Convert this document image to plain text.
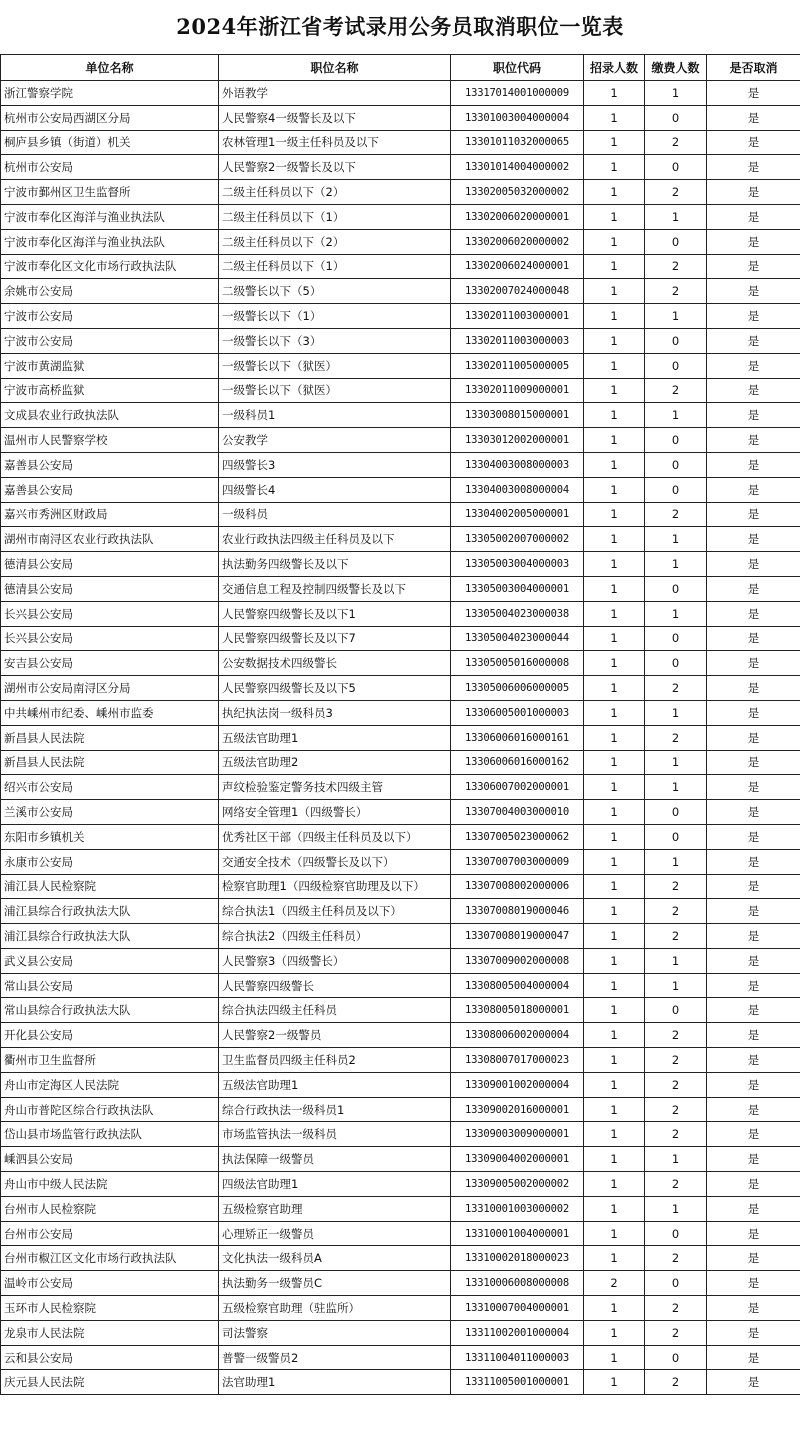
2024年浙江省考试录用公务员取消职位一览表
单位名称	职位名称	职位代码	招录人数	缴费人数	是否取消
浙江警察学院	外语教学	13317014001000009	1	1	是
杭州市公安局西湖区分局	人民警察4一级警长及以下	13301003004000004	1	0	是
桐庐县乡镇（街道）机关	农林管理1一级主任科员及以下	13301011032000065	1	2	是
杭州市公安局	人民警察2一级警长及以下	13301014004000002	1	0	是
宁波市鄞州区卫生监督所	二级主任科员以下（2）	13302005032000002	1	2	是
宁波市奉化区海洋与渔业执法队	二级主任科员以下（1）	13302006020000001	1	1	是
宁波市奉化区海洋与渔业执法队	二级主任科员以下（2）	13302006020000002	1	0	是
宁波市奉化区文化市场行政执法队	二级主任科员以下（1）	13302006024000001	1	2	是
余姚市公安局	二级警长以下（5）	13302007024000048	1	2	是
宁波市公安局	一级警长以下（1）	13302011003000001	1	1	是
宁波市公安局	一级警长以下（3）	13302011003000003	1	0	是
宁波市黄湖监狱	一级警长以下（狱医）	13302011005000005	1	0	是
宁波市高桥监狱	一级警长以下（狱医）	13302011009000001	1	2	是
文成县农业行政执法队	一级科员1	13303008015000001	1	1	是
温州市人民警察学校	公安教学	13303012002000001	1	0	是
嘉善县公安局	四级警长3	13304003008000003	1	0	是
嘉善县公安局	四级警长4	13304003008000004	1	0	是
嘉兴市秀洲区财政局	一级科员	13304002005000001	1	2	是
湖州市南浔区农业行政执法队	农业行政执法四级主任科员及以下	13305002007000002	1	1	是
德清县公安局	执法勤务四级警长及以下	13305003004000003	1	1	是
德清县公安局	交通信息工程及控制四级警长及以下	13305003004000001	1	0	是
长兴县公安局	人民警察四级警长及以下1	13305004023000038	1	1	是
长兴县公安局	人民警察四级警长及以下7	13305004023000044	1	0	是
安吉县公安局	公安数据技术四级警长	13305005016000008	1	0	是
湖州市公安局南浔区分局	人民警察四级警长及以下5	13305006006000005	1	2	是
中共嵊州市纪委、嵊州市监委	执纪执法岗一级科员3	13306005001000003	1	1	是
新昌县人民法院	五级法官助理1	13306006016000161	1	2	是
新昌县人民法院	五级法官助理2	13306006016000162	1	1	是
绍兴市公安局	声纹检验鉴定警务技术四级主管	13306007002000001	1	1	是
兰溪市公安局	网络安全管理1（四级警长）	13307004003000010	1	0	是
东阳市乡镇机关	优秀社区干部（四级主任科员及以下）	13307005023000062	1	0	是
永康市公安局	交通安全技术（四级警长及以下）	13307007003000009	1	1	是
浦江县人民检察院	检察官助理1（四级检察官助理及以下）	13307008002000006	1	2	是
浦江县综合行政执法大队	综合执法1（四级主任科员及以下）	13307008019000046	1	2	是
浦江县综合行政执法大队	综合执法2（四级主任科员）	13307008019000047	1	2	是
武义县公安局	人民警察3（四级警长）	13307009002000008	1	1	是
常山县公安局	人民警察四级警长	13308005004000004	1	1	是
常山县综合行政执法大队	综合执法四级主任科员	13308005018000001	1	0	是
开化县公安局	人民警察2一级警员	13308006002000004	1	2	是
衢州市卫生监督所	卫生监督员四级主任科员2	13308007017000023	1	2	是
舟山市定海区人民法院	五级法官助理1	13309001002000004	1	2	是
舟山市普陀区综合行政执法队	综合行政执法一级科员1	13309002016000001	1	2	是
岱山县市场监管行政执法队	市场监管执法一级科员	13309003009000001	1	2	是
嵊泗县公安局	执法保障一级警员	13309004002000001	1	1	是
舟山市中级人民法院	四级法官助理1	13309005002000002	1	2	是
台州市人民检察院	五级检察官助理	13310001003000002	1	1	是
台州市公安局	心理矫正一级警员	13310001004000001	1	0	是
台州市椒江区文化市场行政执法队	文化执法一级科员A	13310002018000023	1	2	是
温岭市公安局	执法勤务一级警员C	13310006008000008	2	0	是
玉环市人民检察院	五级检察官助理（驻监所）	13310007004000001	1	2	是
龙泉市人民法院	司法警察	13311002001000004	1	2	是
云和县公安局	普警一级警员2	13311004011000003	1	0	是
庆元县人民法院	法官助理1	13311005001000001	1	2	是
